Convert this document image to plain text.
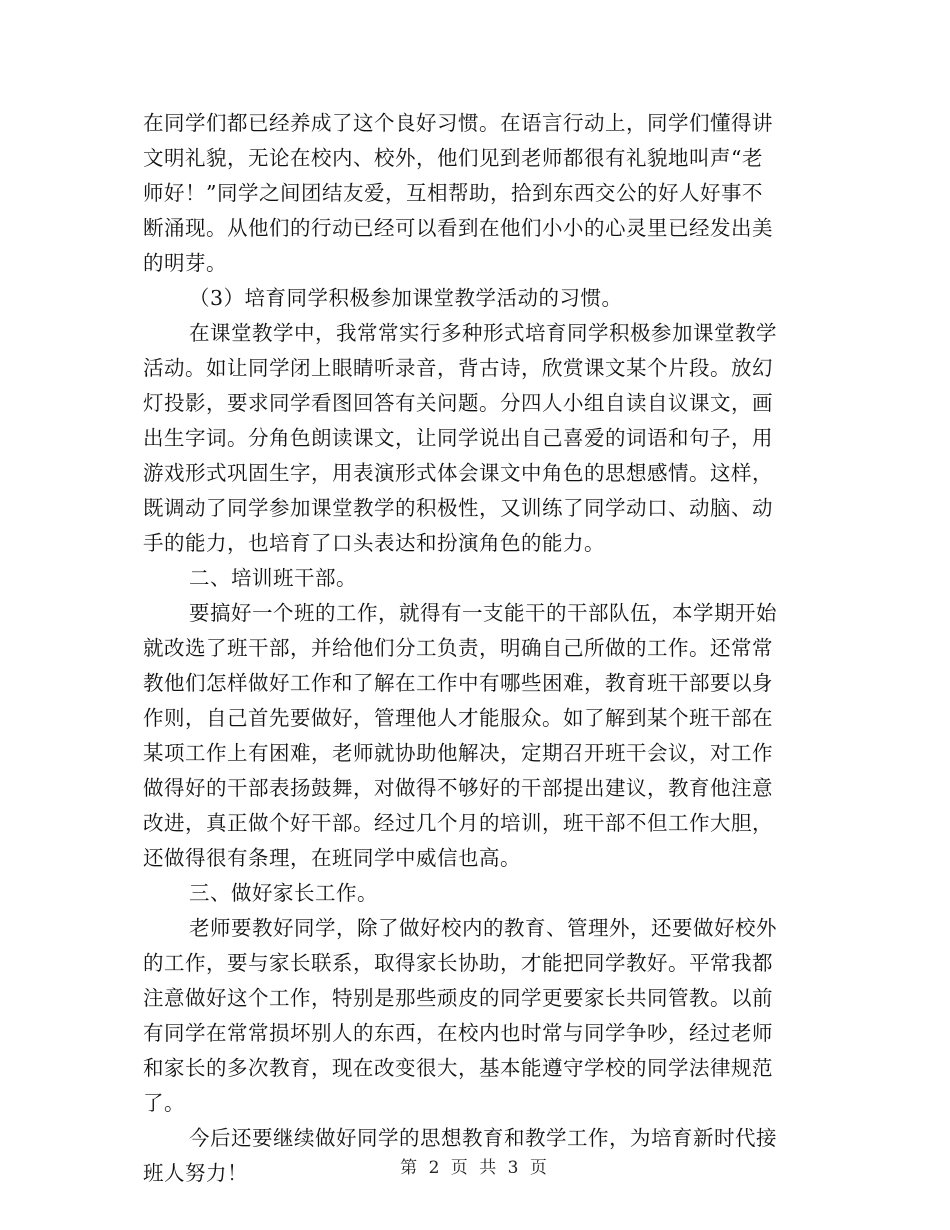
在同学们都已经养成了这个良好习惯。在语言行动上，同学们懂得讲
文明礼貌，无论在校内、校外，他们见到老师都很有礼貌地叫声“老
师好！”同学之间团结友爱，互相帮助，拾到东西交公的好人好事不
断涌现。从他们的行动已经可以看到在他们小小的心灵里已经发出美
的明芽。
（3）培育同学积极参加课堂教学活动的习惯。
在课堂教学中，我常常实行多种形式培育同学积极参加课堂教学
活动。如让同学闭上眼睛听录音，背古诗，欣赏课文某个片段。放幻
灯投影，要求同学看图回答有关问题。分四人小组自读自议课文，画
出生字词。分角色朗读课文，让同学说出自己喜爱的词语和句子，用
游戏形式巩固生字，用表演形式体会课文中角色的思想感情。这样，
既调动了同学参加课堂教学的积极性，又训练了同学动口、动脑、动
手的能力，也培育了口头表达和扮演角色的能力。
二、培训班干部。
要搞好一个班的工作，就得有一支能干的干部队伍，本学期开始
就改选了班干部，并给他们分工负责，明确自己所做的工作。还常常
教他们怎样做好工作和了解在工作中有哪些困难，教育班干部要以身
作则，自己首先要做好，管理他人才能服众。如了解到某个班干部在
某项工作上有困难，老师就协助他解决，定期召开班干会议，对工作
做得好的干部表扬鼓舞，对做得不够好的干部提出建议，教育他注意
改进，真正做个好干部。经过几个月的培训，班干部不但工作大胆，
还做得很有条理，在班同学中威信也高。
三、做好家长工作。
老师要教好同学，除了做好校内的教育、管理外，还要做好校外
的工作，要与家长联系，取得家长协助，才能把同学教好。平常我都
注意做好这个工作，特别是那些顽皮的同学更要家长共同管教。以前
有同学在常常损坏别人的东西，在校内也时常与同学争吵，经过老师
和家长的多次教育，现在改变很大，基本能遵守学校的同学法律规范
了。
今后还要继续做好同学的思想教育和教学工作，为培育新时代接
班人努力！	第 2 页 共 3 页
